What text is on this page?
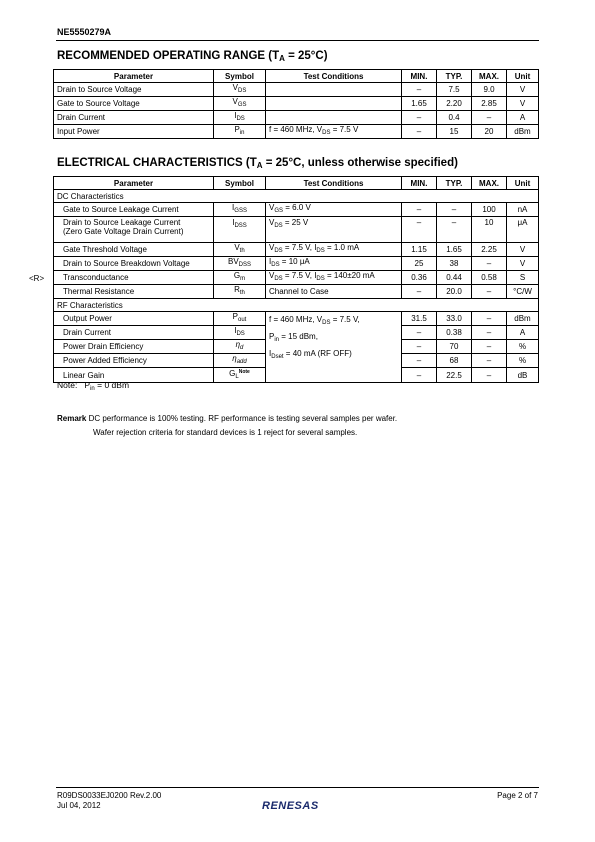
NE5550279A
RECOMMENDED OPERATING RANGE $(T_A = 25^\circ C)$
Parameter	Symbol	Test Conditions	MIN.	TYP.	MAX.	Unit
Drain to Source Voltage	$V_{DS}$		–	7.5	9.0	V
Gate to Source Voltage	$V_{GS}$		1.65	2.20	2.85	V
Drain Current	$I_{DS}$		–	0.4	–	A
Input Power	$P_{in}$	f = 460 MHz, $V_{DS} = 7.5$ V	–	15	20	dBm
ELECTRICAL CHARACTERISTICS ($T_A = 25^\circ C$, unless otherwise specified)
<R>
Parameter	Symbol	Test Conditions	MIN.	TYP.	MAX.	Unit
DC Characteristics						

Gate to Source Leakage Current	$I_{GSS}$	$V_{GS} = 6.0$ V	–	–	100	nA

Drain to Source Leakage Current
(Zero Gate Voltage Drain Current)	$I_{DSS}$	$V_{DS} = 25$ V	–	–	10	μA

Gate Threshold Voltage	$V_{th}$	$V_{DS} = 7.5$ V, $I_{DS} = 1.0$ mA	1.15	1.65	2.25	V

Drain to Source Breakdown Voltage	$BV_{DSS}$	$I_{DS} = 10$ μA	25	38	–	V

Transconductance	$G_m$	$V_{DS} = 7.5$ V, $I_{DS} = 140\pm 20$ mA	0.36	0.44	0.58	S

Thermal Resistance	$R_{th}$	Channel to Case	–	20.0	–	°C/W
RF Characteristics						
Output Power	$P_{out}$	f = 460 MHz, $V_{DS} = 7.5$ V,
$P_{in} = 15$ dBm,
$I_{Dset} = 40$ mA (RF OFF)	31.5	33.0	–	dBm
Drain Current	$I_{DS}$		–	0.38	–	A
Power Drain Efficiency	$\eta_d$		–	70	–	%
Power Added Efficiency	$\eta_{add}$		–	68	–	%
Linear Gain	$G_L^{Note}$		–	22.5	–	dB
Note: $P_{in} = 0$ dBm
Remark DC performance is 100% testing. RF performance is testing several samples per wafer.
Wafer rejection criteria for standard devices is 1 reject for several samples.
R09DS0033EJ0200 Rev.2.00
Jul 04, 2012
Page 2 of 7
RENESAS
